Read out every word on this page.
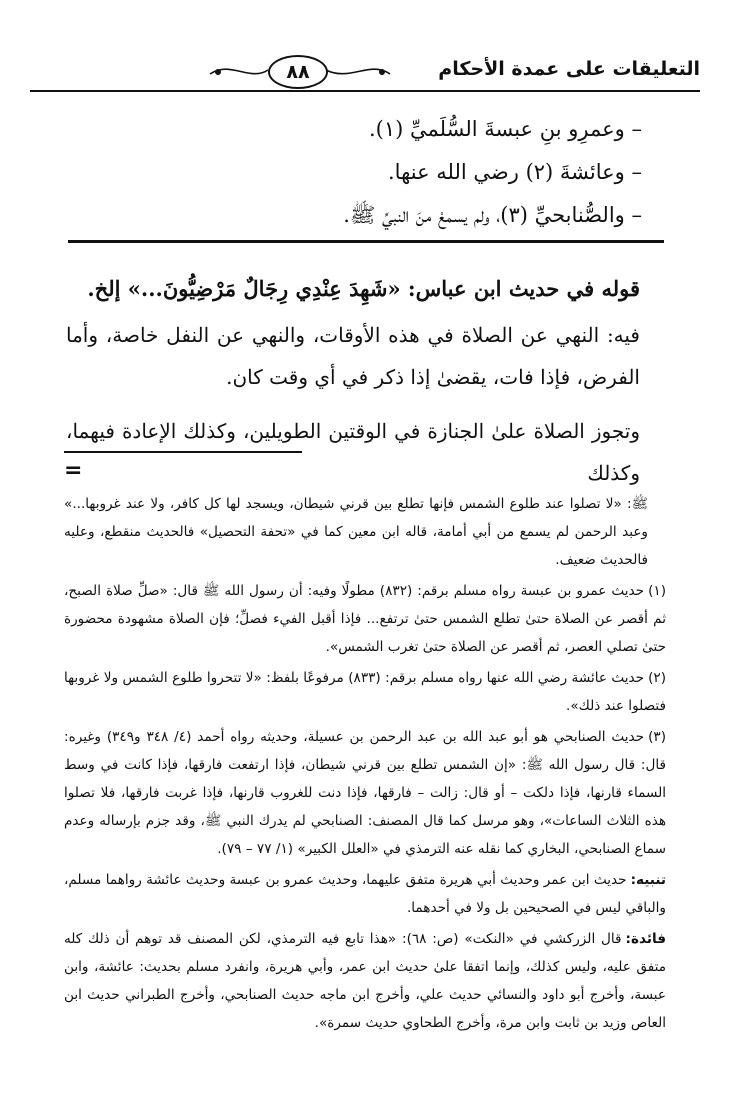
التعليقات على عمدة الأحكام
٨٨
– وعمرِو بنِ عبسةَ السُّلَميِّ (١).
– وعائشةَ (٢) رضي الله عنها.
– والصُّنابحيِّ (٣)، ولم يسمعْ منَ النبيِّ ﷺ.

قوله في حديث ابن عباس: «شَهِدَ عِنْدِي رِجَالٌ مَرْضِيُّونَ...» إلخ.

فيه: النهي عن الصلاة في هذه الأوقات، والنهي عن النفل خاصة، وأما الفرض، فإذا فات، يقضىٰ إذا ذكر في أي وقت كان.

وتجوز الصلاة علىٰ الجنازة في الوقتين الطويلين، وكذلك الإعادة فيهما، وكذلك

=
ﷺ: «لا تصلوا عند طلوع الشمس فإنها تطلع بين قرني شيطان، ويسجد لها كل كافر، ولا عند غروبها...» وعبد الرحمن لم يسمع من أبي أمامة، قاله ابن معين كما في «تحفة التحصيل» فالحديث منقطع، وعليه فالحديث ضعيف.
(١)حديث عمرو بن عبسة رواه مسلم برقم: (٨٣٢) مطولًا وفيه: أن رسول الله ﷺ قال: «صلِّ صلاة الصبح، ثم أقصر عن الصلاة حتىٰ تطلع الشمس حتىٰ ترتفع... فإذا أقبل الفيء فصلِّ؛ فإن الصلاة مشهودة محضورة حتىٰ تصلي العصر، ثم أقصر عن الصلاة حتىٰ تغرب الشمس».
(٢)حديث عائشة رضي الله عنها رواه مسلم برقم: (٨٣٣) مرفوعًا بلفظ: «لا تتحروا طلوع الشمس ولا غروبها فتصلوا عند ذلك».
(٣)حديث الصنابحي هو أبو عبد الله بن عبد الرحمن بن عسيلة، وحديثه رواه أحمد (٤/ ٣٤٨ و٣٤٩) وغيره: قال: قال رسول الله ﷺ: «إن الشمس تطلع بين قرني شيطان، فإذا ارتفعت فارقها، فإذا كانت في وسط السماء قارنها، فإذا دلكت – أو قال: زالت – فارقها، فإذا دنت للغروب قارنها، فإذا غربت فارقها، فلا تصلوا هذه الثلاث الساعات»، وهو مرسل كما قال المصنف: الصنابحي لم يدرك النبي ﷺ، وقد جزم بإرساله وعدم سماع الصنابحي، البخاري كما نقله عنه الترمذي في «العلل الكبير» (١/ ٧٧ – ٧٩).
تنبيه:حديث ابن عمر وحديث أبي هريرة متفق عليهما، وحديث عمرو بن عبسة وحديث عائشة رواهما مسلم، والباقي ليس في الصحيحين بل ولا في أحدهما.
فائدة:قال الزركشي في «النكت» (ص: ٦٨): «هذا تابع فيه الترمذي، لكن المصنف قد توهم أن ذلك كله متفق عليه، وليس كذلك، وإنما اتفقا علىٰ حديث ابن عمر، وأبي هريرة، وانفرد مسلم بحديث: عائشة، وابن عبسة، وأخرج أبو داود والنسائي حديث علي، وأخرج ابن ماجه حديث الصنابحي، وأخرج الطبراني حديث ابن العاص وزيد بن ثابت وابن مرة، وأخرج الطحاوي حديث سمرة».
